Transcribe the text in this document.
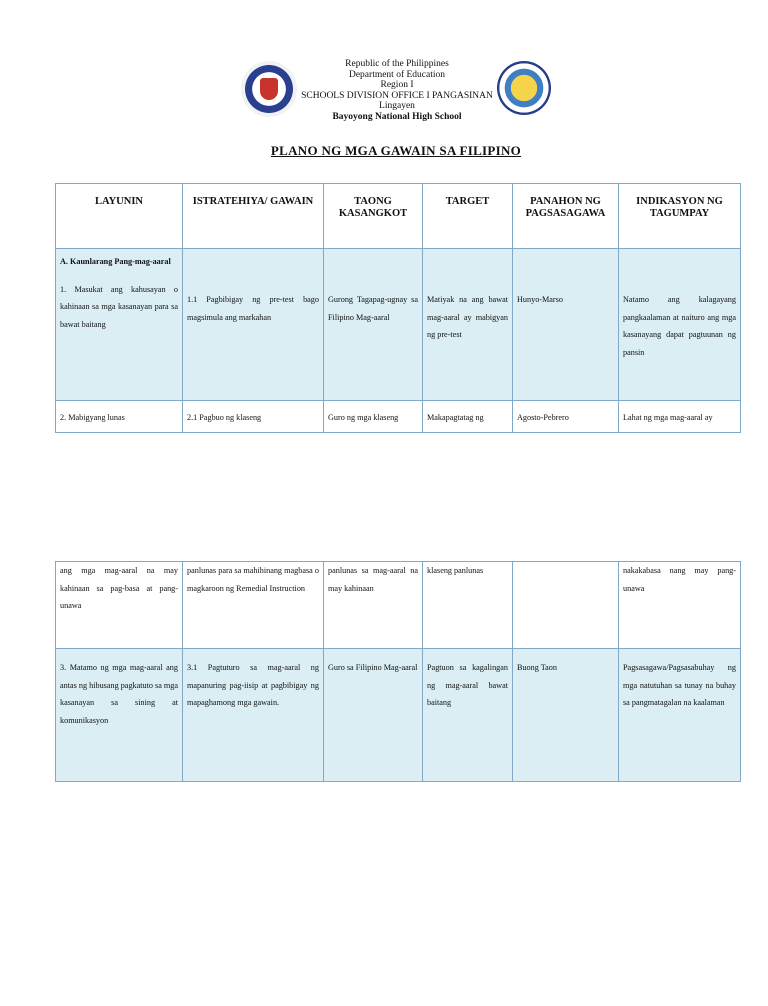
Republic of the Philippines
Department of Education
Region I
SCHOOLS DIVISION OFFICE I PANGASINAN
Lingayen
Bayoyong National High School
PLANO NG MGA GAWAIN SA FILIPINO
LAYUNIN	ISTRATEHIYA/ GAWAIN	TAONG KASANGKOT	TARGET	PANAHON NG PAGSASAGAWA	INDIKASYON NG TAGUMPAY

A. Kaunlarang Pang-mag-aaral
1. Masukat ang kahusayan o kahinaan sa mga kasanayan para sa bawat baitang	1.1 Pagbibigay ng pre-test bago magsimula ang markahan	Gurong Tagapag-ugnay sa Filipino Mag-aaral	Matiyak na ang bawat mag-aaral ay mabigyan ng pre-test	Hunyo-Marso	Natamo ang kalagayang pangkaalaman at naituro ang mga kasanayang dapat pagtuunan ng pansin

2. Mabigyang lunas	2.1 Pagbuo ng klaseng	Guro ng mga klaseng	Makapagtatag ng	Agosto-Pebrero	Lahat ng mga mag-aaral ay
ang mga mag-aaral na may kahinaan sa pag-basa at pang-unawa	panlunas para sa mahihinang magbasa o magkaroon ng Remedial Instruction	panlunas sa mag-aaral na may kahinaan	klaseng panlunas		nakakabasa nang may pang-unawa

3. Matamo ng mga mag-aaral ang antas ng hibusang pagkatuto sa mga kasanayan sa sining at komunikasyon	3.1 Pagtuturo sa mag-aaral ng mapanuring pag-iisip at pagbibigay ng mapaghamong mga gawain.	Guro sa Filipino Mag-aaral	Pagtuon sa kagalingan ng mag-aaral bawat baitang	Buong Taon	Pagsasagawa/Pagsasabuhay ng mga natutuhan sa tunay na buhay sa pangmatagalan na kaalaman
